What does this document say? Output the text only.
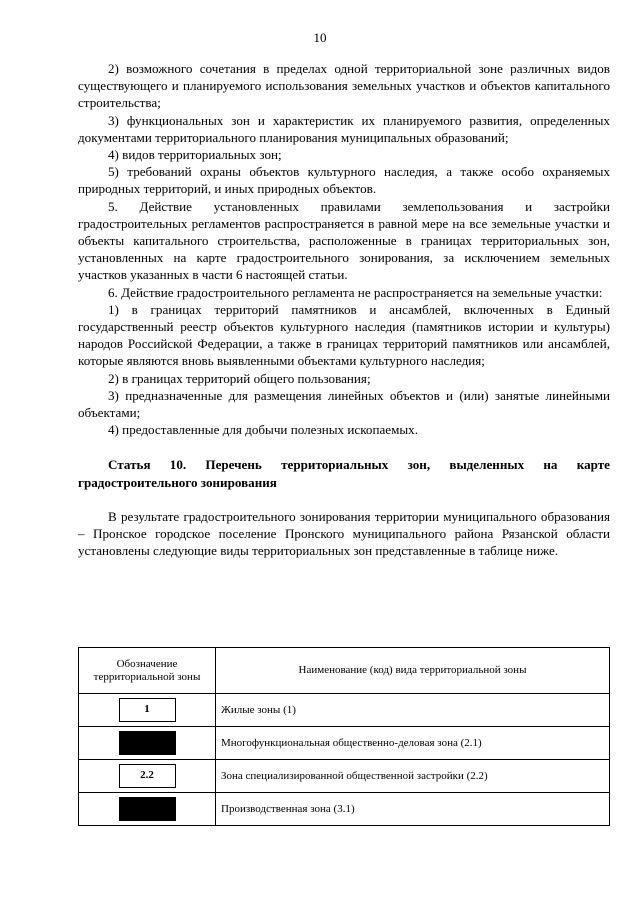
10

2) возможного сочетания в пределах одной территориальной зоне различных видов существующего и планируемого использования земельных участков и объектов капитального строительства;

3) функциональных зон и характеристик их планируемого развития, определенных документами территориального планирования муниципальных образований;

4) видов территориальных зон;

5) требований охраны объектов культурного наследия, а также особо охраняемых природных территорий, и иных природных объектов.

5. Действие установленных правилами землепользования и застройки градостроительных регламентов распространяется в равной мере на все земельные участки и объекты капитального строительства, расположенные в границах территориальных зон, установленных на карте градостроительного зонирования, за исключением земельных участков указанных в части 6 настоящей статьи.

6. Действие градостроительного регламента не распространяется на земельные участки:

1) в границах территорий памятников и ансамблей, включенных в Единый государственный реестр объектов культурного наследия (памятников истории и культуры) народов Российской Федерации, а также в границах территорий памятников или ансамблей, которые являются вновь выявленными объектами культурного наследия;

2) в границах территорий общего пользования;

3) предназначенные для размещения линейных объектов и (или) занятые линейными объектами;

4) предоставленные для добычи полезных ископаемых.

Статья 10. Перечень территориальных зон, выделенных на карте градостроительного зонирования

В результате градостроительного зонирования территории муниципального образования – Пронское городское поселение Пронского муниципального района Рязанской области установлены следующие виды территориальных зон представленные в таблице ниже.

Обозначение территориальной зоны	Наименование (код) вида территориальной зоны
1	Жилые зоны (1)
	Многофункциональная общественно-деловая зона (2.1)
2.2	Зона специализированной общественной застройки (2.2)
	Производственная зона (3.1)
